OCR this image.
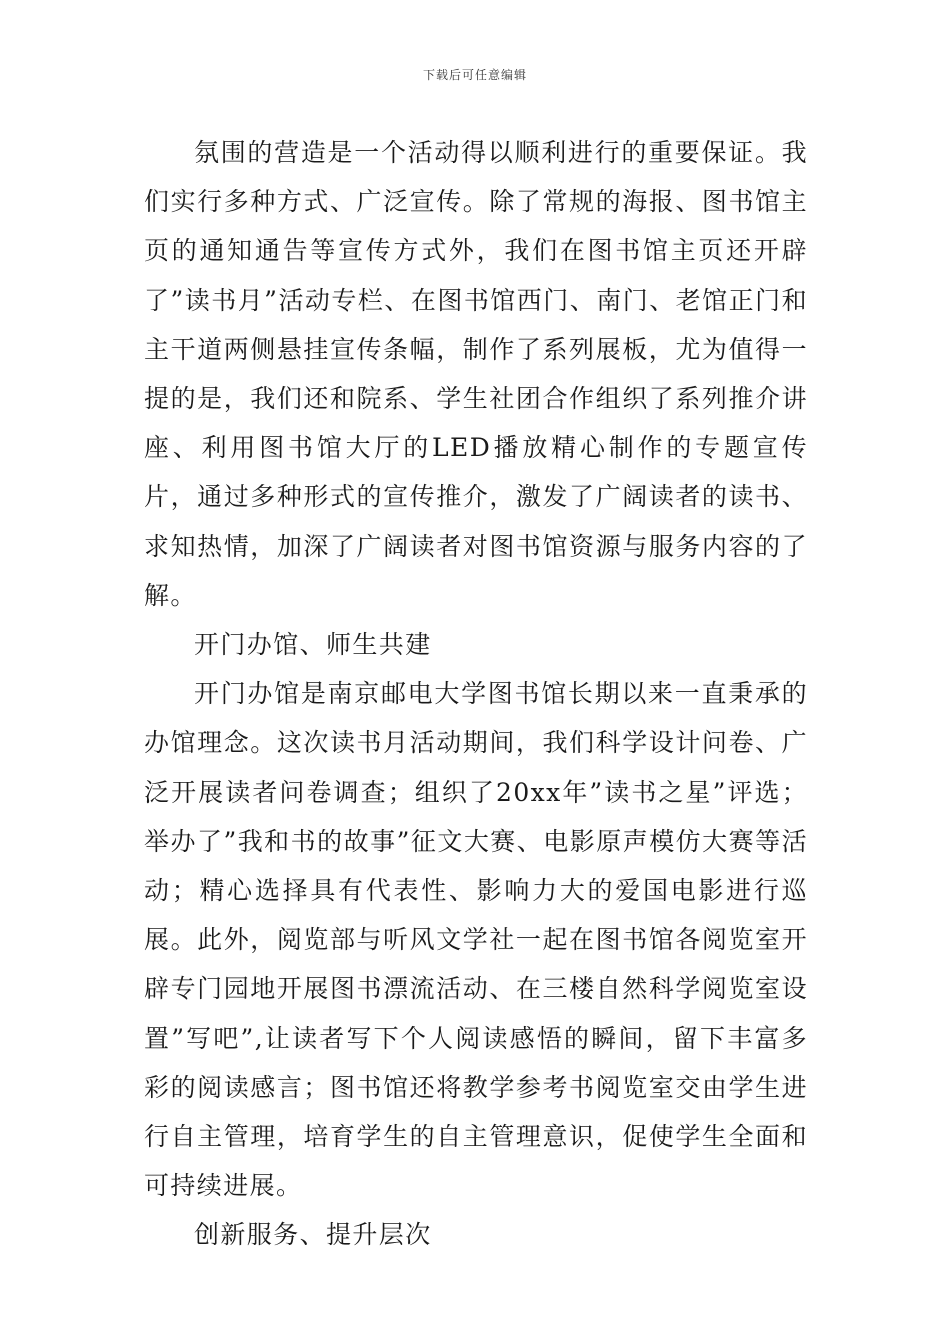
下载后可任意编辑

氛围的营造是一个活动得以顺利进行的重要保证。我们实行多种方式、广泛宣传。除了常规的海报、图书馆主页的通知通告等宣传方式外，我们在图书馆主页还开辟了”读书月”活动专栏、在图书馆西门、南门、老馆正门和主干道两侧悬挂宣传条幅，制作了系列展板，尤为值得一提的是，我们还和院系、学生社团合作组织了系列推介讲座、利用图书馆大厅的LED播放精心制作的专题宣传片，通过多种形式的宣传推介，激发了广阔读者的读书、求知热情，加深了广阔读者对图书馆资源与服务内容的了解。

开门办馆、师生共建

开门办馆是南京邮电大学图书馆长期以来一直秉承的办馆理念。这次读书月活动期间，我们科学设计问卷、广泛开展读者问卷调查；组织了20xx年”读书之星”评选；举办了”我和书的故事”征文大赛、电影原声模仿大赛等活动；精心选择具有代表性、影响力大的爱国电影进行巡展。此外，阅览部与听风文学社一起在图书馆各阅览室开辟专门园地开展图书漂流活动、在三楼自然科学阅览室设置”写吧”,让读者写下个人阅读感悟的瞬间，留下丰富多彩的阅读感言；图书馆还将教学参考书阅览室交由学生进行自主管理，培育学生的自主管理意识，促使学生全面和可持续进展。

创新服务、提升层次
